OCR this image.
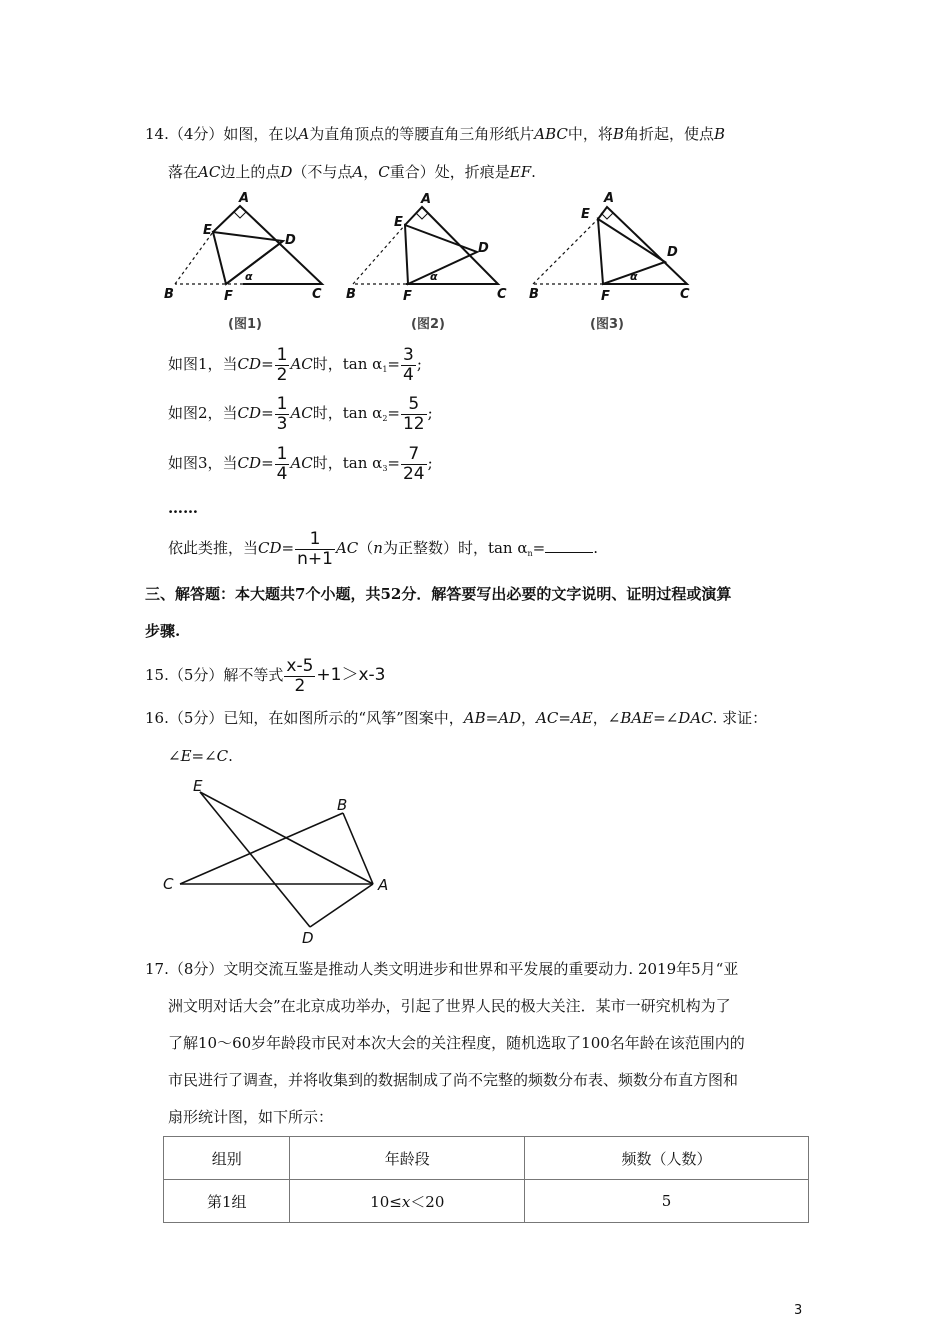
14.（4分）如图，在以A为直角顶点的等腰直角三角形纸片ABC中，将B角折起，使点B
落在AC边上的点D（不与点A，C重合）处，折痕是EF.
A
B	C
D
E
F
α
(图1)
A
B	C
D
E
F
α
(图2)
A
B	C
D
E
F
α
(图3)
如图1，当$CD= \frac{1}{2}$ AC时，$\tan \alpha_1= \frac{3}{4}$ ;
如图2，当$CD= \frac{1}{3}$ AC时，$\tan \alpha_2= \frac{5}{12}$ ;
如图3，当$CD= \frac{1}{4}$ AC时，$\tan \alpha_3= \frac{7}{24}$ ;
……
依此类推，当$CD= \frac{1}{n+1} AC(n$为正整数）时，$\tan \alpha_n=$	.
三、解答题：本大题共7个小题，共52分．解答要写出必要的文字说明、证明过程或演算
步骤.
15.（5分）解不等式 $\frac{x-5}{2} +1>x-3$
16.（5分）已知，在如图所示的“风筝”图案中，AB=AD，AC=AE，∠BAE=∠DAC. 求证：
∠E=∠C.
E
B
C	A
D
17.（8分）文明交流互鉴是推动人类文明进步和世界和平发展的重要动力. 2019年5月“亚
洲文明对话大会”在北京成功举办，引起了世界人民的极大关注．某市一研究机构为了
了解10～60岁年龄段市民对本次大会的关注程度，随机选取了100名年龄在该范围内的
市民进行了调查，并将收集到的数据制成了尚不完整的频数分布表、频数分布直方图和
扇形统计图，如下所示：
组别	年龄段	频数（人数）
第1组	10≤x＜20	5
3
